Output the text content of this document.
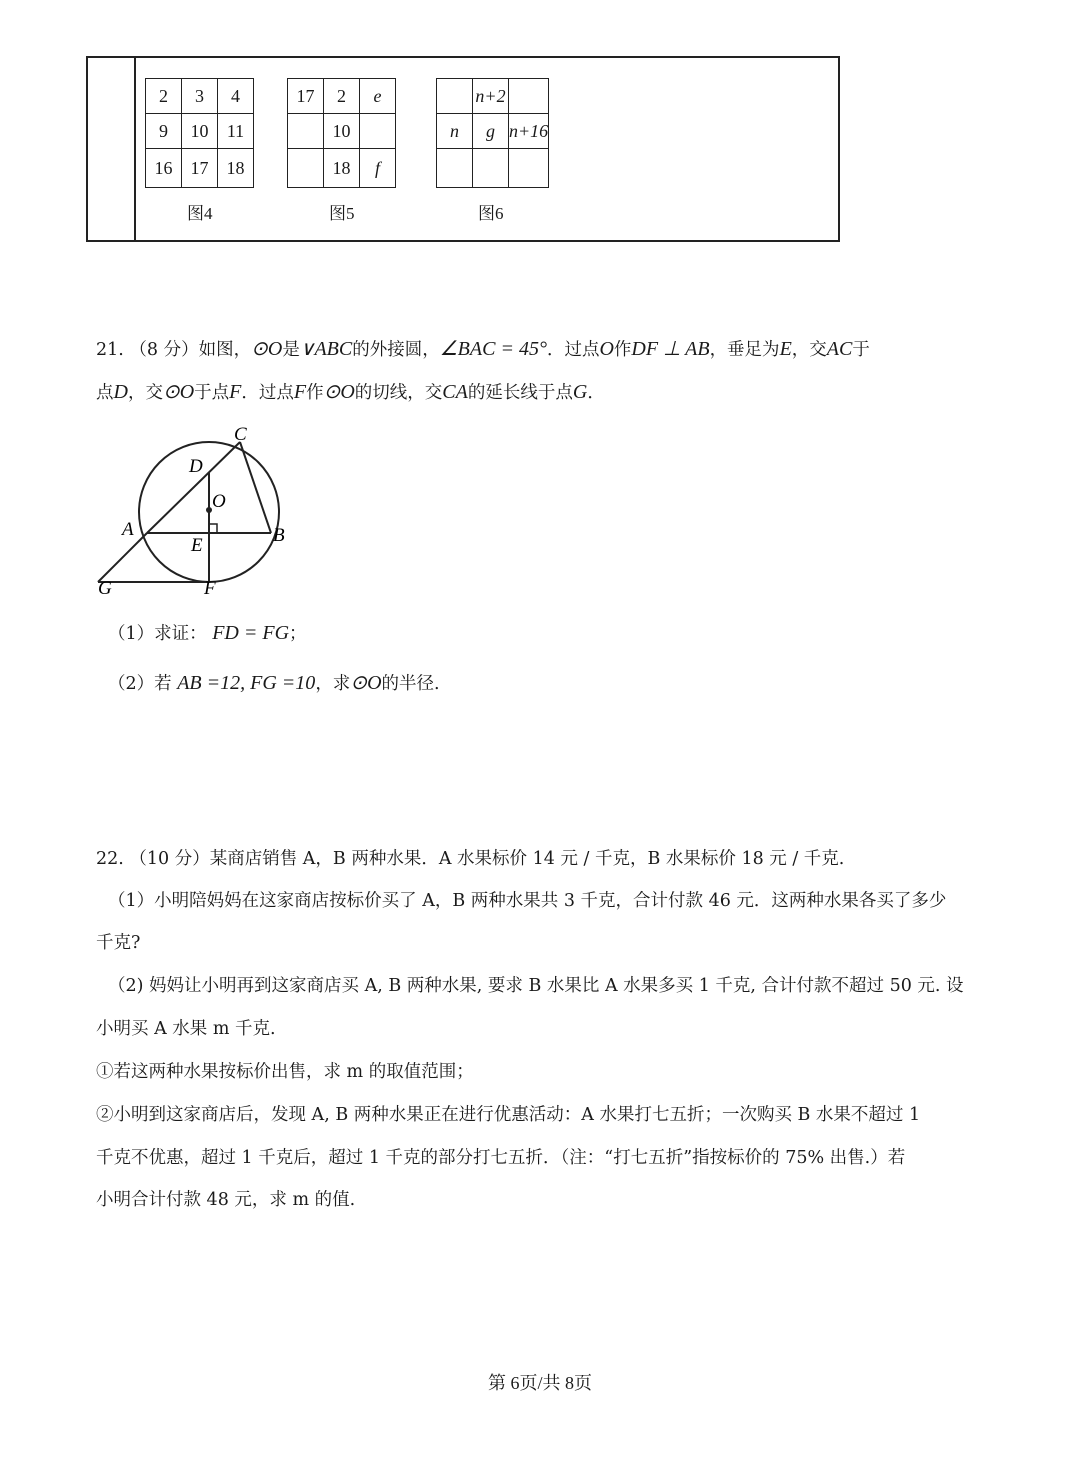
2	3	4
9	10	11
16	17	18
图4
17	2	e
	10	
	18	f
图5
	n+2	
n	g	n+16

图6
21. （8 分）如图，⊙O是∨ABC的外接圆，∠BAC = 45°．过点O作DF ⊥ AB，垂足为E，交AC于
点D，交⊙O于点F．过点F作⊙O的切线，交CA的延长线于点G．
C
D
O
A
E	B
G	F
（1）求证： FD = FG；
（2）若 AB =12, FG =10，求⊙O的半径.
22. （10 分）某商店销售 A，B 两种水果．A 水果标价 14 元 / 千克，B 水果标价 18 元 / 千克.
（1）小明陪妈妈在这家商店按标价买了 A，B 两种水果共 3 千克，合计付款 46 元．这两种水果各买了多少
千克?
（2) 妈妈让小明再到这家商店买 A, B 两种水果, 要求 B 水果比 A 水果多买 1 千克, 合计付款不超过 50 元. 设
小明买 A 水果 m 千克.
①若这两种水果按标价出售，求 m 的取值范围；
②小明到这家商店后，发现 A, B 两种水果正在进行优惠活动：A 水果打七五折；一次购买 B 水果不超过 1
千克不优惠，超过 1 千克后，超过 1 千克的部分打七五折．（注：“打七五折”指按标价的 75% 出售.）若
小明合计付款 48 元，求 m 的值.
第 6页/共 8页
